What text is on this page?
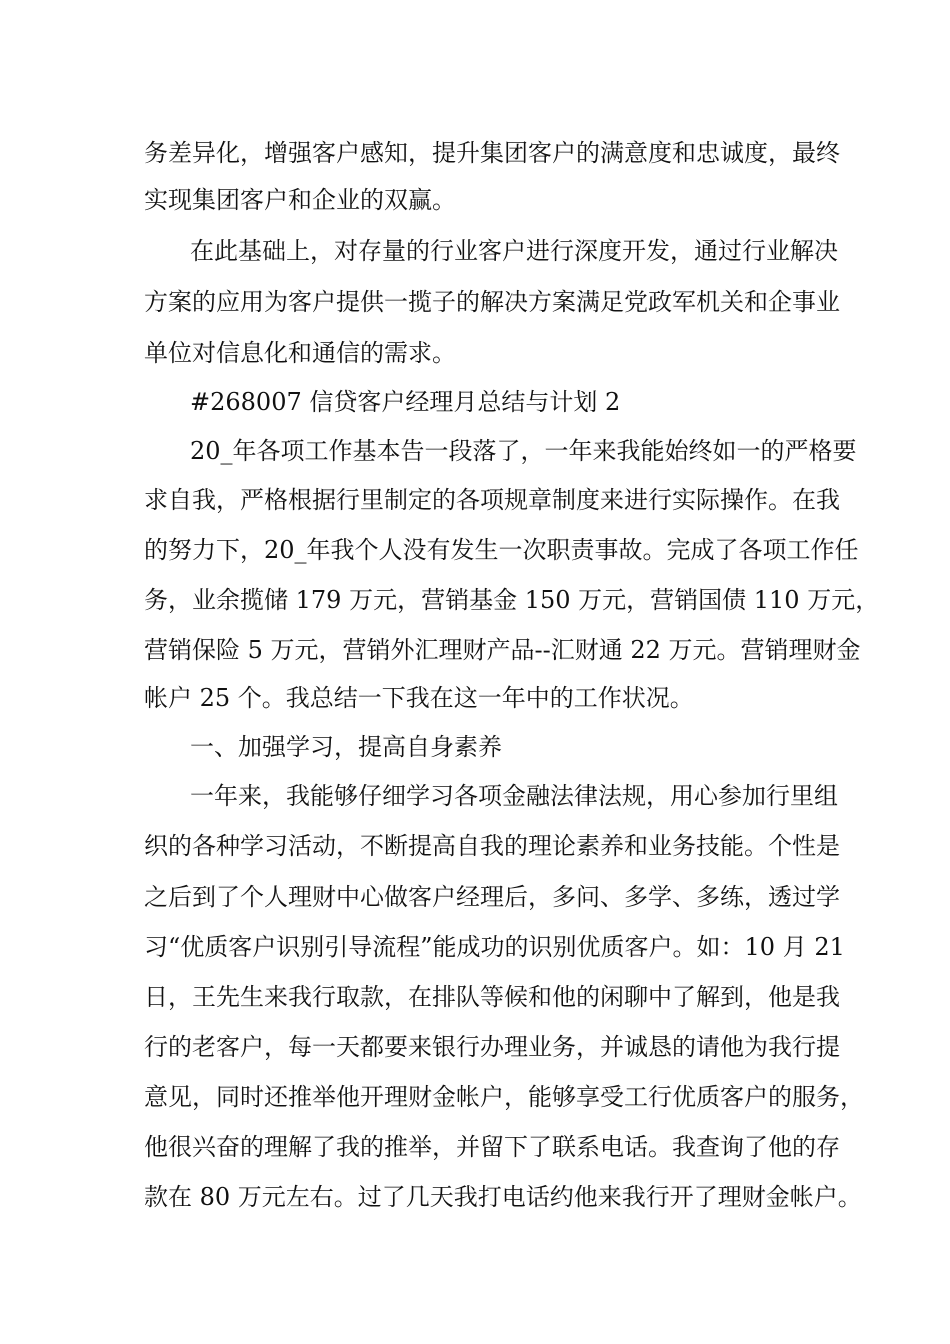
务差异化，增强客户感知，提升集团客户的满意度和忠诚度，最终
实现集团客户和企业的双赢。
在此基础上，对存量的行业客户进行深度开发，通过行业解决
方案的应用为客户提供一揽子的解决方案满足党政军机关和企事业
单位对信息化和通信的需求。
#268007 信贷客户经理月总结与计划 2
20_年各项工作基本告一段落了，一年来我能始终如一的严格要
求自我，严格根据行里制定的各项规章制度来进行实际操作。在我
的努力下，20_年我个人没有发生一次职责事故。完成了各项工作任
务，业余揽储 179 万元，营销基金 150 万元，营销国债 110 万元，
营销保险 5 万元，营销外汇理财产品--汇财通 22 万元。营销理财金
帐户 25 个。我总结一下我在这一年中的工作状况。
一、加强学习，提高自身素养
一年来，我能够仔细学习各项金融法律法规，用心参加行里组
织的各种学习活动，不断提高自我的理论素养和业务技能。个性是
之后到了个人理财中心做客户经理后，多问、多学、多练，透过学
习“优质客户识别引导流程”能成功的识别优质客户。如：10 月 21
日，王先生来我行取款，在排队等候和他的闲聊中了解到，他是我
行的老客户，每一天都要来银行办理业务，并诚恳的请他为我行提
意见，同时还推举他开理财金帐户，能够享受工行优质客户的服务，
他很兴奋的理解了我的推举，并留下了联系电话。我查询了他的存
款在 80 万元左右。过了几天我打电话约他来我行开了理财金帐户。
